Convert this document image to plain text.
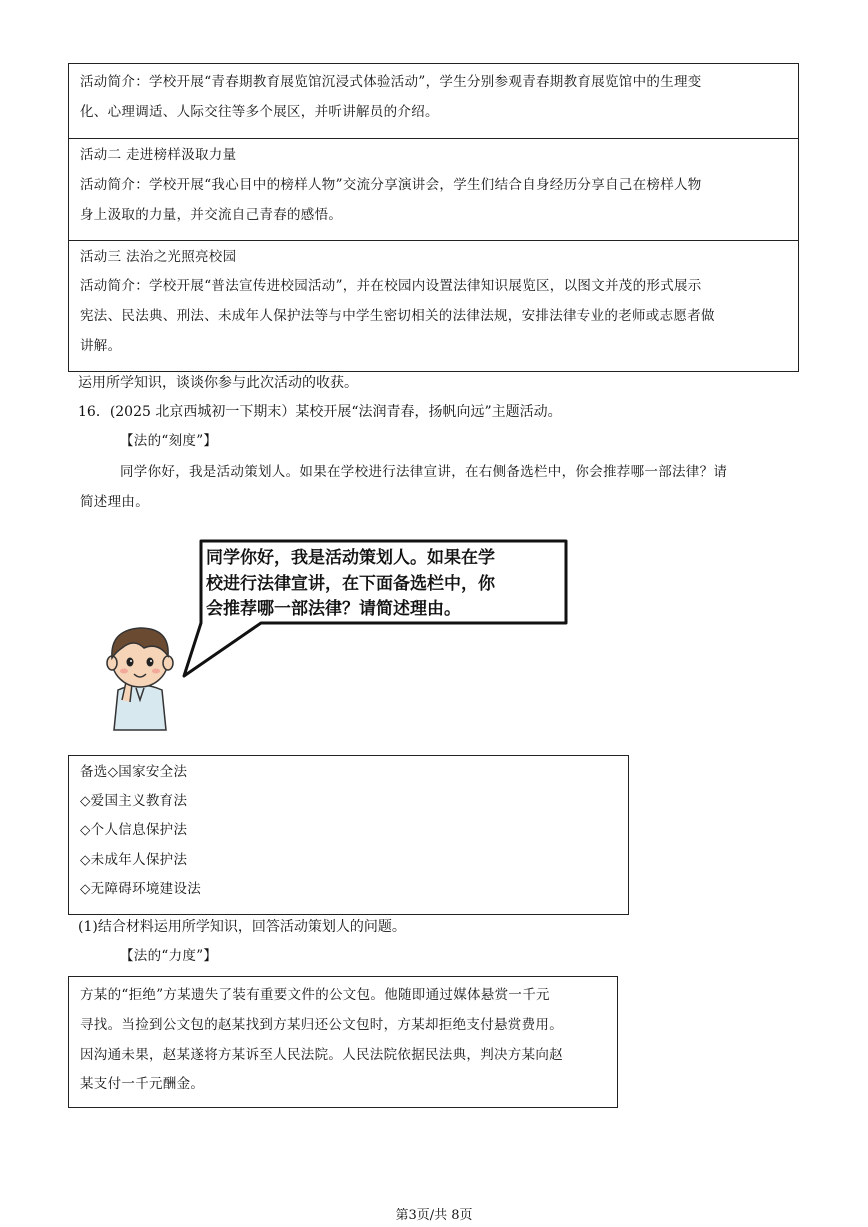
活动简介：学校开展“青春期教育展览馆沉浸式体验活动”，学生分别参观青春期教育展览馆中的生理变
化、心理调适、人际交往等多个展区，并听讲解员的介绍。
活动二 走进榜样汲取力量
活动简介：学校开展“我心目中的榜样人物”交流分享演讲会，学生们结合自身经历分享自己在榜样人物
身上汲取的力量，并交流自己青春的感悟。
活动三 法治之光照亮校园
活动简介：学校开展“普法宣传进校园活动”，并在校园内设置法律知识展览区，以图文并茂的形式展示
宪法、民法典、刑法、未成年人保护法等与中学生密切相关的法律法规，安排法律专业的老师或志愿者做
讲解。
运用所学知识，谈谈你参与此次活动的收获。
16．(2025 北京西城初一下期末）某校开展“法润青春，扬帆向远”主题活动。
【法的“刻度”】
同学你好，我是活动策划人。如果在学校进行法律宣讲，在右侧备选栏中，你会推荐哪一部法律？请
简述理由。
同学你好，我是活动策划人。如果在学
校进行法律宣讲，在下面备选栏中，你
会推荐哪一部法律？请简述理由。
备选◇国家安全法
◇爱国主义教育法
◇个人信息保护法
◇未成年人保护法
◇无障碍环境建设法
(1)结合材料运用所学知识，回答活动策划人的问题。
【法的“力度”】
方某的“拒绝”方某遗失了装有重要文件的公文包。他随即通过媒体悬赏一千元
寻找。当捡到公文包的赵某找到方某归还公文包时，方某却拒绝支付悬赏费用。
因沟通未果，赵某遂将方某诉至人民法院。人民法院依据民法典，判决方某向赵
某支付一千元酬金。
第3页/共 8页
